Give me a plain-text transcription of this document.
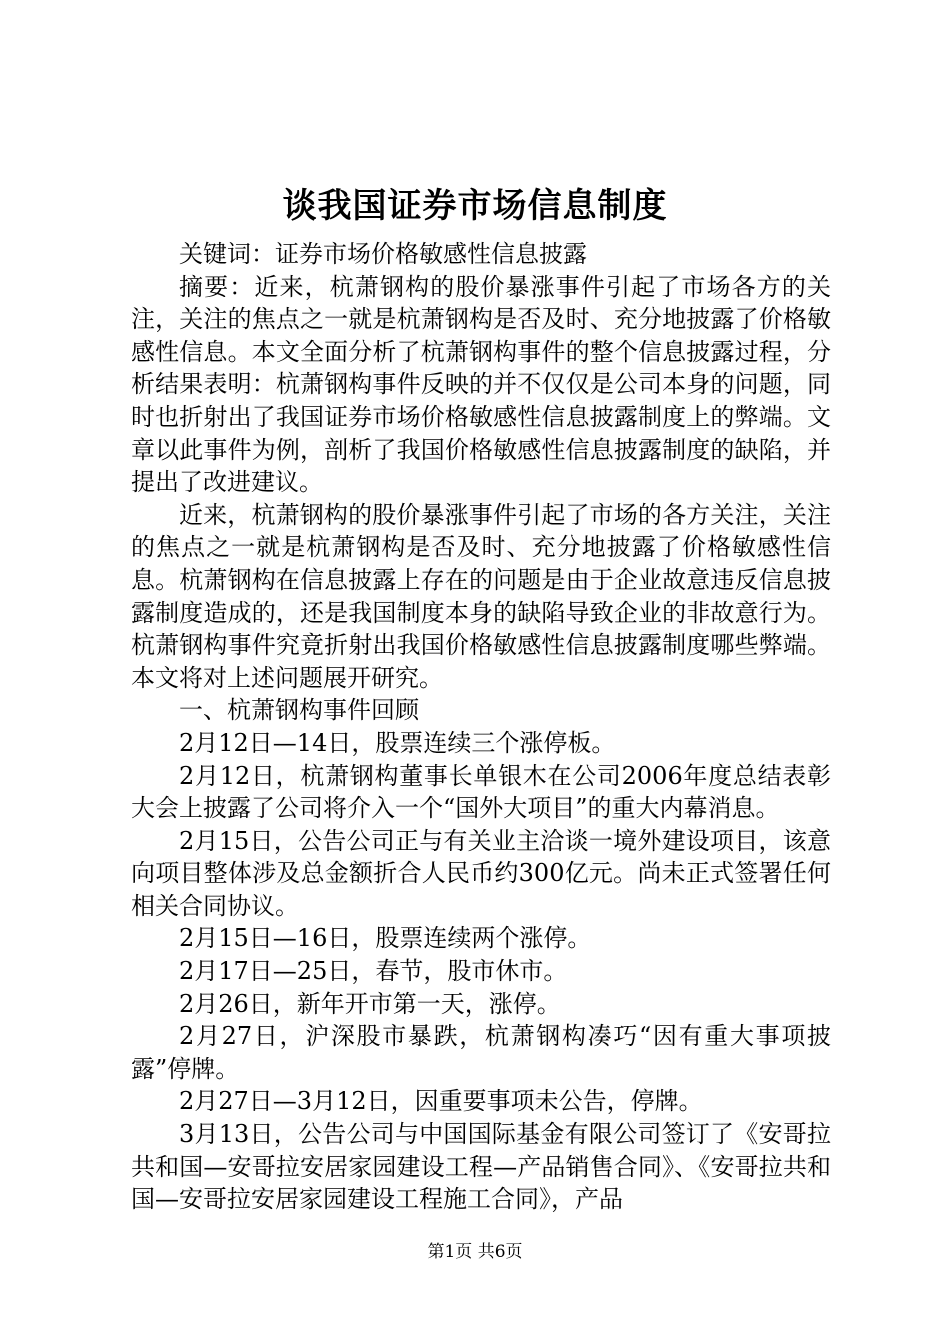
谈我国证券市场信息制度

关键词：证券市场价格敏感性信息披露

摘要：近来，杭萧钢构的股价暴涨事件引起了市场各方的关注，关注的焦点之一就是杭萧钢构是否及时、充分地披露了价格敏感性信息。本文全面分析了杭萧钢构事件的整个信息披露过程，分析结果表明：杭萧钢构事件反映的并不仅仅是公司本身的问题，同时也折射出了我国证券市场价格敏感性信息披露制度上的弊端。文章以此事件为例，剖析了我国价格敏感性信息披露制度的缺陷，并提出了改进建议。

近来，杭萧钢构的股价暴涨事件引起了市场的各方关注，关注的焦点之一就是杭萧钢构是否及时、充分地披露了价格敏感性信息。杭萧钢构在信息披露上存在的问题是由于企业故意违反信息披露制度造成的，还是我国制度本身的缺陷导致企业的非故意行为。杭萧钢构事件究竟折射出我国价格敏感性信息披露制度哪些弊端。本文将对上述问题展开研究。

一、杭萧钢构事件回顾

2月12日—14日，股票连续三个涨停板。

2月12日，杭萧钢构董事长单银木在公司2006年度总结表彰大会上披露了公司将介入一个“国外大项目”的重大内幕消息。

2月15日，公告公司正与有关业主洽谈一境外建设项目，该意向项目整体涉及总金额折合人民币约300亿元。尚未正式签署任何相关合同协议。

2月15日—16日，股票连续两个涨停。

2月17日—25日，春节，股市休市。

2月26日，新年开市第一天，涨停。

2月27日，沪深股市暴跌，杭萧钢构凑巧“因有重大事项披露”停牌。

2月27日—3月12日，因重要事项未公告，停牌。

3月13日，公告公司与中国国际基金有限公司签订了《安哥拉共和国—安哥拉安居家园建设工程—产品销售合同》、《安哥拉共和国—安哥拉安居家园建设工程施工合同》，产品

第1页 共6页
